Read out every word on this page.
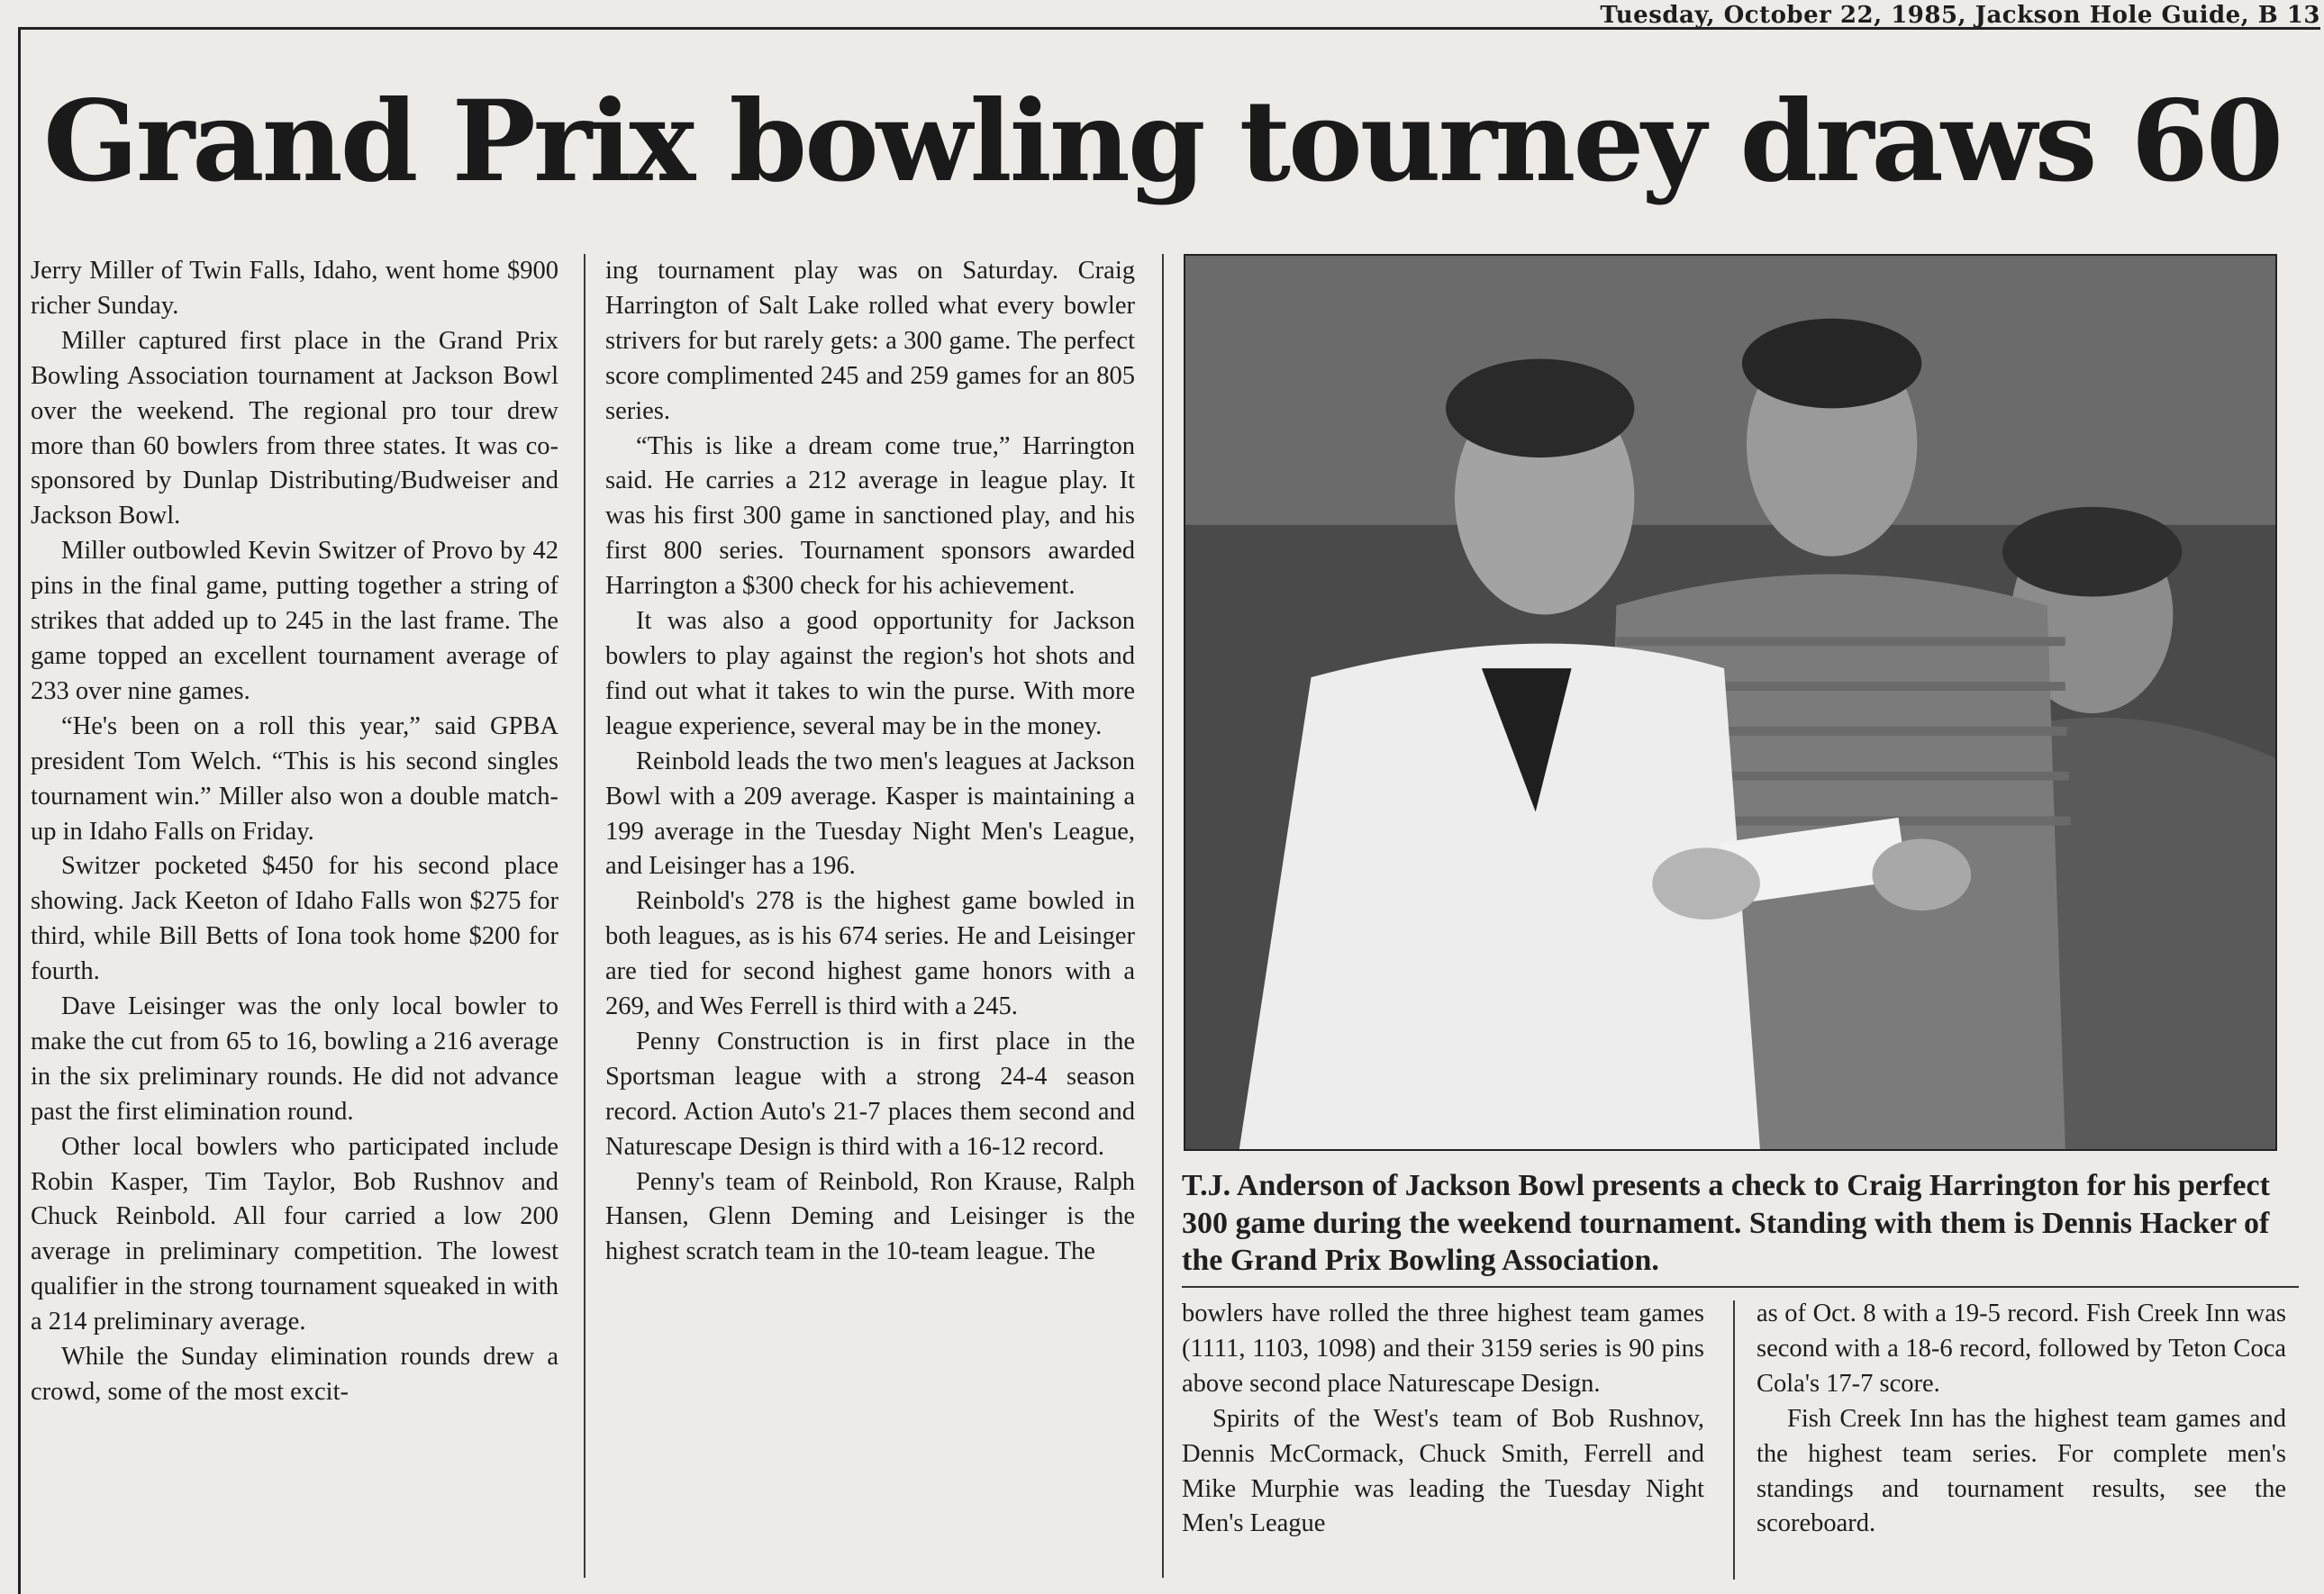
Tuesday, October 22, 1985, Jackson Hole Guide, B 13
Grand Prix bowling tourney draws 60

Jerry Miller of Twin Falls, Idaho, went home $900 richer Sunday.

Miller captured first place in the Grand Prix Bowling Association tournament at Jackson Bowl over the weekend. The regional pro tour drew more than 60 bowlers from three states. It was co-sponsored by Dunlap Distributing/Budweiser and Jackson Bowl.

Miller outbowled Kevin Switzer of Provo by 42 pins in the final game, putting together a string of strikes that added up to 245 in the last frame. The game topped an excellent tournament average of 233 over nine games.

“He's been on a roll this year,” said GPBA president Tom Welch. “This is his second singles tournament win.” Miller also won a double match-up in Idaho Falls on Friday.

Switzer pocketed $450 for his second place showing. Jack Keeton of Idaho Falls won $275 for third, while Bill Betts of Iona took home $200 for fourth.

Dave Leisinger was the only local bowler to make the cut from 65 to 16, bowling a 216 average in the six preliminary rounds. He did not advance past the first elimination round.

Other local bowlers who participated include Robin Kasper, Tim Taylor, Bob Rushnov and Chuck Reinbold. All four carried a low 200 average in preliminary competition. The lowest qualifier in the strong tournament squeaked in with a 214 preliminary average.

While the Sunday elimination rounds drew a crowd, some of the most excit-

ing tournament play was on Saturday. Craig Harrington of Salt Lake rolled what every bowler strivers for but rarely gets: a 300 game. The perfect score complimented 245 and 259 games for an 805 series.

“This is like a dream come true,” Harrington said. He carries a 212 average in league play. It was his first 300 game in sanctioned play, and his first 800 series. Tournament sponsors awarded Harrington a $300 check for his achievement.

It was also a good opportunity for Jackson bowlers to play against the region's hot shots and find out what it takes to win the purse. With more league experience, several may be in the money.

Reinbold leads the two men's leagues at Jackson Bowl with a 209 average. Kasper is maintaining a 199 average in the Tuesday Night Men's League, and Leisinger has a 196.

Reinbold's 278 is the highest game bowled in both leagues, as is his 674 series. He and Leisinger are tied for second highest game honors with a 269, and Wes Ferrell is third with a 245.

Penny Construction is in first place in the Sportsman league with a strong 24-4 season record. Action Auto's 21-7 places them second and Naturescape Design is third with a 16-12 record.

Penny's team of Reinbold, Ron Krause, Ralph Hansen, Glenn Deming and Leisinger is the highest scratch team in the 10-team league. The

T.J. Anderson of Jackson Bowl presents a check to Craig Harrington for his perfect 300 game during the weekend tournament. Standing with them is Dennis Hacker of the Grand Prix Bowling Association.

bowlers have rolled the three highest team games (1111, 1103, 1098) and their 3159 series is 90 pins above second place Naturescape Design.

Spirits of the West's team of Bob Rushnov, Dennis McCormack, Chuck Smith, Ferrell and Mike Murphie was leading the Tuesday Night Men's League

as of Oct. 8 with a 19-5 record. Fish Creek Inn was second with a 18-6 record, followed by Teton Coca Cola's 17-7 score.

Fish Creek Inn has the highest team games and the highest team series. For complete men's standings and tournament results, see the scoreboard.
